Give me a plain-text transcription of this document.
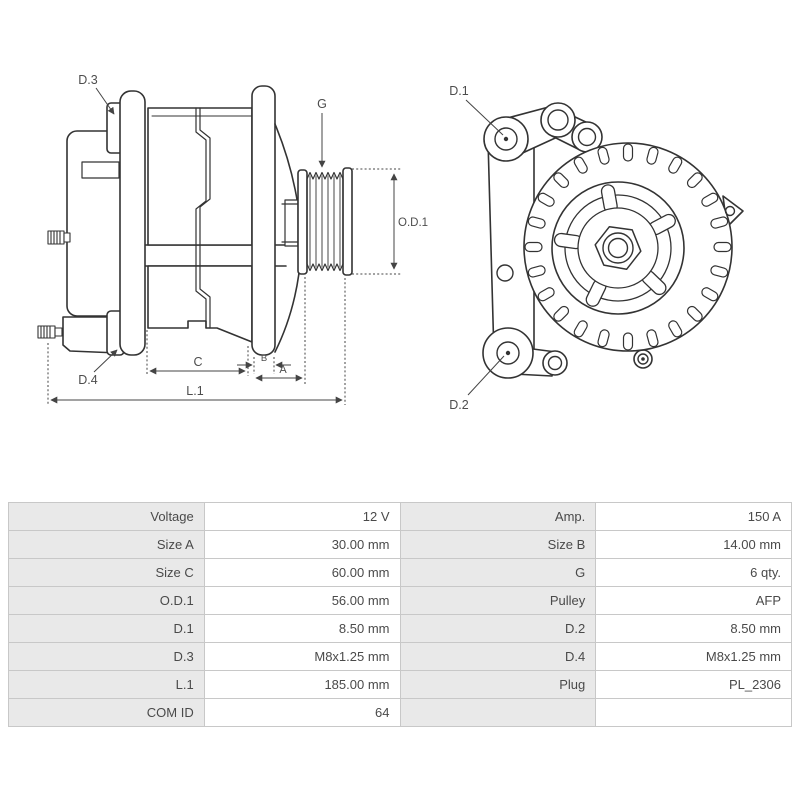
D.3
G
O.D.1
D.4
C	B
A
L.1
D.1
D.2
Voltage	12 V	Amp.	150 A
Size A	30.00 mm	Size B	14.00 mm
Size C	60.00 mm	G	6 qty.
O.D.1	56.00 mm	Pulley	AFP
D.1	8.50 mm	D.2	8.50 mm
D.3	M8x1.25 mm	D.4	M8x1.25 mm
L.1	185.00 mm	Plug	PL_2306
COM ID	64		
